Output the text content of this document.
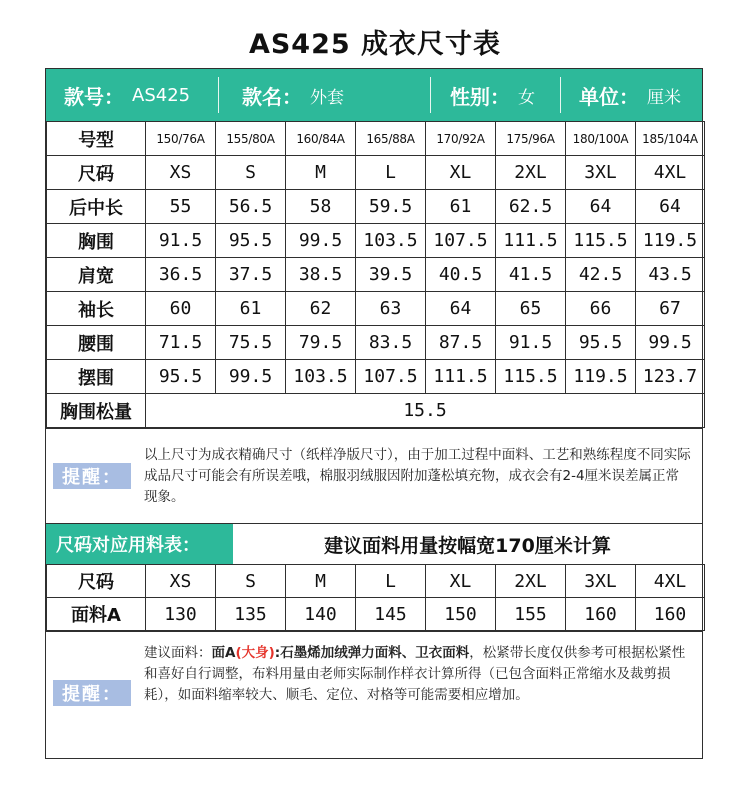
AS425 成衣尺寸表
款号： AS425	款名： 外套	性别： 女 单位： 厘米
号型	150/76A	155/80A	160/84A	165/88A	170/92A	175/96A	180/100A	185/104A
尺码	XS	S	M	L	XL	2XL	3XL	4XL
后中长	55	56.5	58	59.5	61	62.5	64	64
胸围	91.5	95.5	99.5	103.5	107.5	111.5	115.5	119.5
肩宽	36.5	37.5	38.5	39.5	40.5	41.5	42.5	43.5
袖长	60	61	62	63	64	65	66	67
腰围	71.5	75.5	79.5	83.5	87.5	91.5	95.5	99.5
摆围	95.5	99.5	103.5	107.5	111.5	115.5	119.5	123.7
胸围松量	15.5							
提醒：
以上尺寸为成衣精确尺寸（纸样净版尺寸），由于加工过程中面料、工艺和熟练程度不同实际成品尺寸可能会有所误差哦，棉服羽绒服因附加蓬松填充物，成衣会有2-4厘米误差属正常现象。
尺码对应用料表：	建议面料用量按幅宽170厘米计算
尺码	XS	S	M	L	XL	2XL	3XL	4XL
面料A	130	135	140	145	150	155	160	160
提醒：
建议面料：面A(大身):石墨烯加绒弹力面料、卫衣面料，松紧带长度仅供参考可根据松紧性和喜好自行调整，布料用量由老师实际制作样衣计算所得（已包含面料正常缩水及裁剪损耗），如面料缩率较大、顺毛、定位、对格等可能需要相应增加。
